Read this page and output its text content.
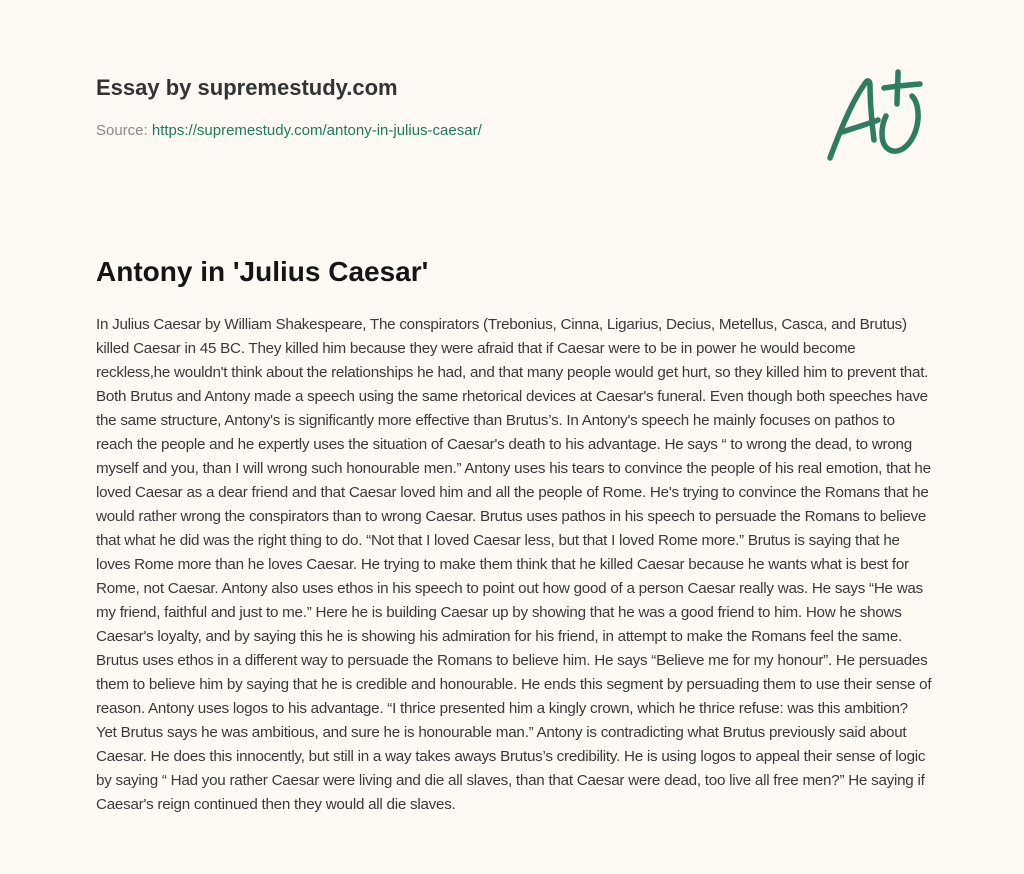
Essay by supremestudy.com
Source: https://supremestudy.com/antony-in-julius-caesar/
Antony in 'Julius Caesar'

In Julius Caesar by William Shakespeare, The conspirators (Trebonius, Cinna, Ligarius, Decius, Metellus, Casca, and Brutus) killed Caesar in 45 BC. They killed him because they were afraid that if Caesar were to be in power he would become reckless,he wouldn't think about the relationships he had, and that many people would get hurt, so they killed him to prevent that. Both Brutus and Antony made a speech using the same rhetorical devices at Caesar's funeral. Even though both speeches have the same structure, Antony's is significantly more effective than Brutus’s. In Antony's speech he mainly focuses on pathos to reach the people and he expertly uses the situation of Caesar's death to his advantage. He says “ to wrong the dead, to wrong myself and you, than I will wrong such honourable men.” Antony uses his tears to convince the people of his real emotion, that he loved Caesar as a dear friend and that Caesar loved him and all the people of Rome. He's trying to convince the Romans that he would rather wrong the conspirators than to wrong Caesar. Brutus uses pathos in his speech to persuade the Romans to believe that what he did was the right thing to do. “Not that I loved Caesar less, but that I loved Rome more.” Brutus is saying that he loves Rome more than he loves Caesar. He trying to make them think that he killed Caesar because he wants what is best for Rome, not Caesar. Antony also uses ethos in his speech to point out how good of a person Caesar really was. He says “He was my friend, faithful and just to me.” Here he is building Caesar up by showing that he was a good friend to him. How he shows Caesar's loyalty, and by saying this he is showing his admiration for his friend, in attempt to make the Romans feel the same. Brutus uses ethos in a different way to persuade the Romans to believe him. He says “Believe me for my honour”. He persuades them to believe him by saying that he is credible and honourable. He ends this segment by persuading them to use their sense of reason. Antony uses logos to his advantage. “I thrice presented him a kingly crown, which he thrice refuse: was this ambition? Yet Brutus says he was ambitious, and sure he is honourable man.” Antony is contradicting what Brutus previously said about Caesar. He does this innocently, but still in a way takes aways Brutus’s credibility. He is using logos to appeal their sense of logic by saying “ Had you rather Caesar were living and die all slaves, than that Caesar were dead, too live all free men?” He saying if Caesar's reign continued then they would all die slaves.
